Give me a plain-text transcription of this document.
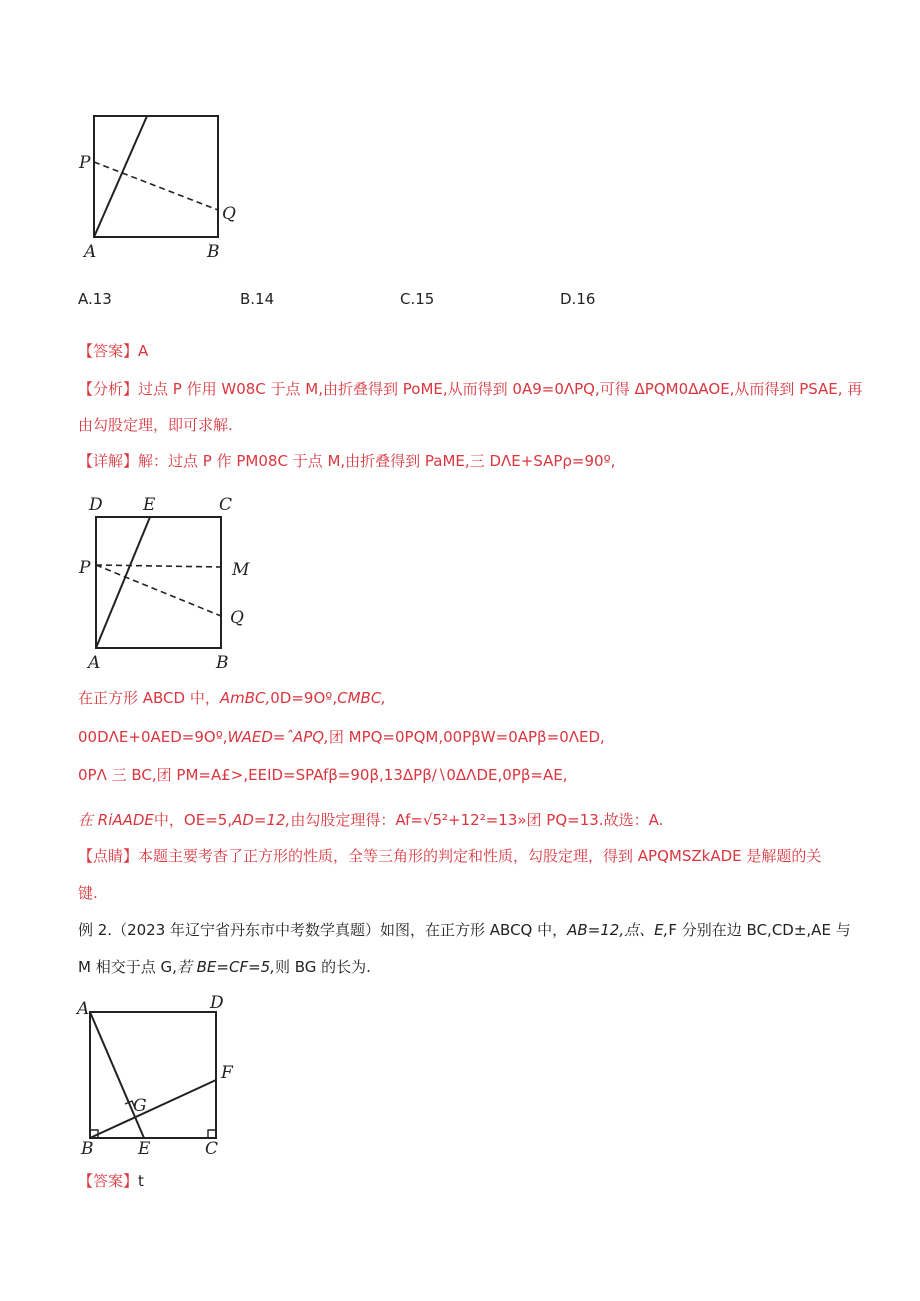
P
Q
A	B
A.13	B.14	C.15	D.16
【答案】A
【分析】过点 P 作用 W08C 于点 M,由折叠得到 PoME,从而得到 0A9=0ΛPQ,可得 ΔPQM0ΔAOE,从而得到 PSAE, 再
由勾股定理，即可求解.
【详解】解：过点 P 作 PM08C 于点 M,由折叠得到 PaME,三 DΛE+SAPρ=90º,
D E	C
P	M
Q
A	B
在正方形 ABCD 中，AmBC,0D=9Oº,CMBC,
00DΛE+0AED=9Oº,WAED=ˆAPQ,团 MPQ=0PQM,00PβW=0APβ=0ΛED,
0PΛ 三 BC,团 PM=A£>,EEID=SPAfβ=90β,13ΔPβ∕∖0ΔΛDE,0Pβ=AE,
在 RiAADE中，OE=5,AD=12,由勾股定理得：Af=√5²+12²=13»团 PQ=13.故选：A.
【点睛】本题主要考杳了正方形的性质，全等三角形的判定和性质，勾股定理，得到 APQMSZkADE 是解题的关
键.
例 2.（2023 年辽宁省丹东市中考数学真题）如图，在正方形 ABCQ 中，AB=12,点、E,F 分别在边 BC,CD±,AE 与
M 相交于点 G,若 BE=CF=5,则 BG 的长为.
A	D
F
G
B	E	C
【答案】t
